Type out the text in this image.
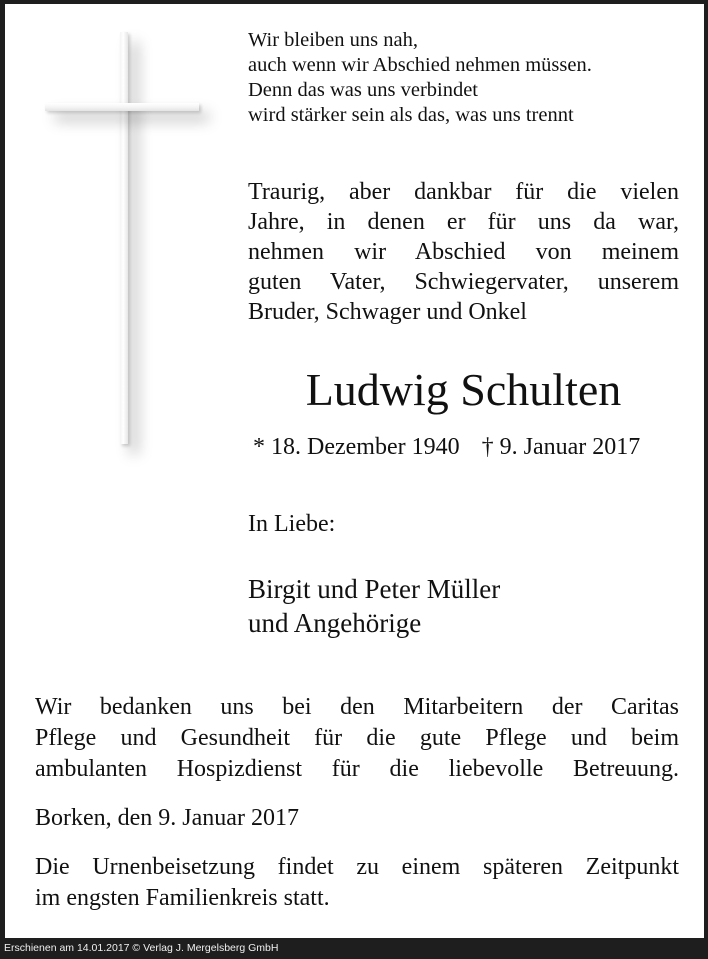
Wir bleiben uns nah,
auch wenn wir Abschied nehmen müssen.
Denn das was uns verbindet
wird stärker sein als das, was uns trennt
Traurig, aber dankbar für die vielen
Jahre, in denen er für uns da war,
nehmen wir Abschied von meinem
guten Vater, Schwiegervater, unserem
Bruder, Schwager und Onkel
Ludwig Schulten
* 18. Dezember 1940 † 9. Januar 2017
In Liebe:
Birgit und Peter Müller
und Angehörige
Wir bedanken uns bei den Mitarbeitern der Caritas
Pflege und Gesundheit für die gute Pflege und beim
ambulanten Hospizdienst für die liebevolle Betreuung.
Borken, den 9. Januar 2017
Die Urnenbeisetzung findet zu einem späteren Zeitpunkt
im engsten Familienkreis statt.
Erschienen am 14.01.2017 © Verlag J. Mergelsberg GmbH
